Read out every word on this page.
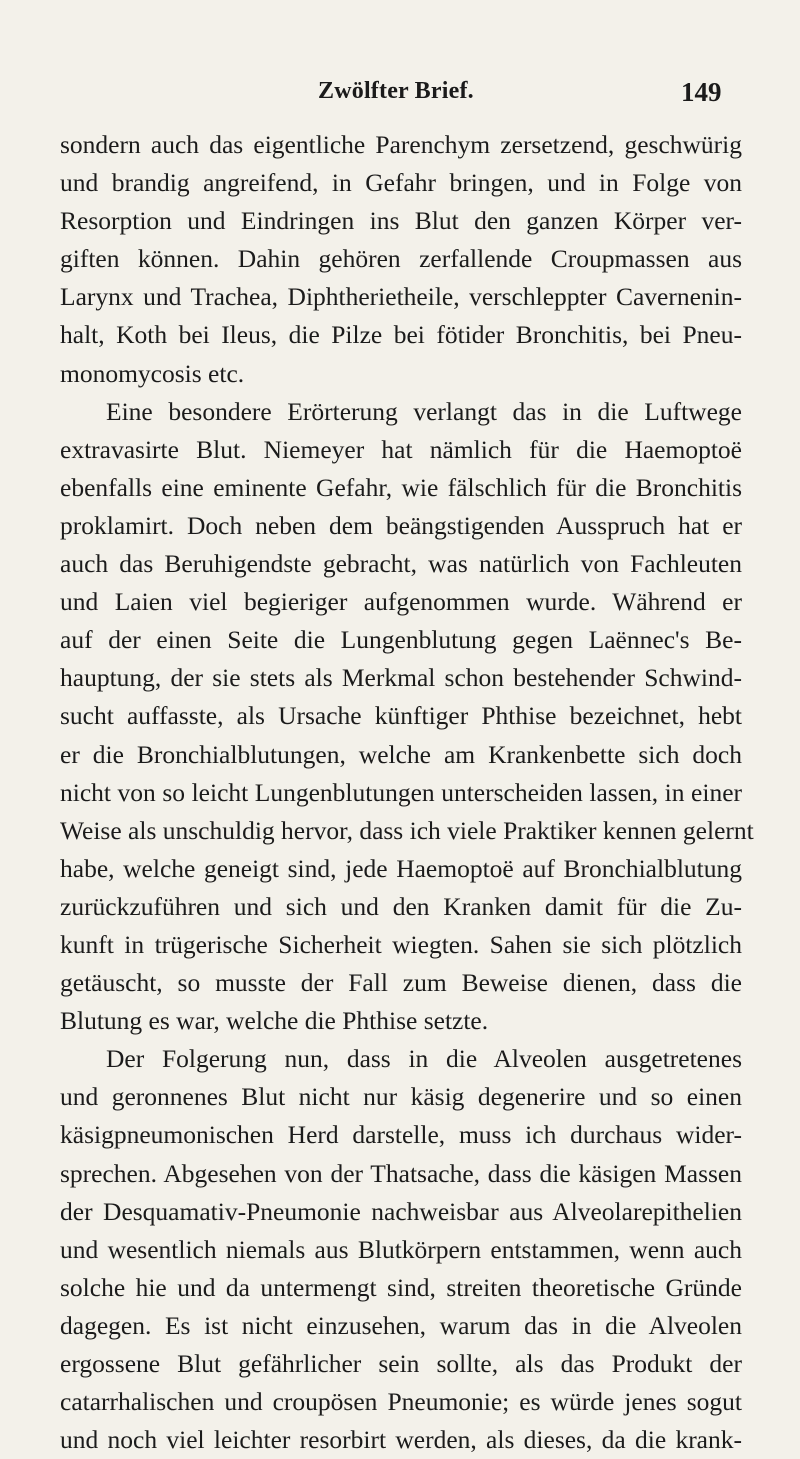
Zwölfter Brief.	149
sondern auch das eigentliche Parenchym zersetzend, geschwürig
und brandig angreifend, in Gefahr bringen, und in Folge von
Resorption und Eindringen ins Blut den ganzen Körper ver-
giften können. Dahin gehören zerfallende Croupmassen aus
Larynx und Trachea, Diphtherietheile, verschleppter Cavernenin-
halt, Koth bei Ileus, die Pilze bei fötider Bronchitis, bei Pneu-
monomycosis etc.
Eine besondere Erörterung verlangt das in die Luftwege
extravasirte Blut. Niemeyer hat nämlich für die Haemoptoë
ebenfalls eine eminente Gefahr, wie fälschlich für die Bronchitis
proklamirt. Doch neben dem beängstigenden Ausspruch hat er
auch das Beruhigendste gebracht, was natürlich von Fachleuten
und Laien viel begieriger aufgenommen wurde. Während er
auf der einen Seite die Lungenblutung gegen Laënnec's Be-
hauptung, der sie stets als Merkmal schon bestehender Schwind-
sucht auffasste, als Ursache künftiger Phthise bezeichnet, hebt
er die Bronchialblutungen, welche am Krankenbette sich doch
nicht von so leicht Lungenblutungen unterscheiden lassen, in einer
Weise als unschuldig hervor, dass ich viele Praktiker kennen gelernt
habe, welche geneigt sind, jede Haemoptoë auf Bronchialblutung
zurückzuführen und sich und den Kranken damit für die Zu-
kunft in trügerische Sicherheit wiegten. Sahen sie sich plötzlich
getäuscht, so musste der Fall zum Beweise dienen, dass die
Blutung es war, welche die Phthise setzte.
Der Folgerung nun, dass in die Alveolen ausgetretenes
und geronnenes Blut nicht nur käsig degenerire und so einen
käsigpneumonischen Herd darstelle, muss ich durchaus wider-
sprechen. Abgesehen von der Thatsache, dass die käsigen Massen
der Desquamativ-Pneumonie nachweisbar aus Alveolarepithelien
und wesentlich niemals aus Blutkörpern entstammen, wenn auch
solche hie und da untermengt sind, streiten theoretische Gründe
dagegen. Es ist nicht einzusehen, warum das in die Alveolen
ergossene Blut gefährlicher sein sollte, als das Produkt der
catarrhalischen und croupösen Pneumonie; es würde jenes sogut
und noch viel leichter resorbirt werden, als dieses, da die krank-
